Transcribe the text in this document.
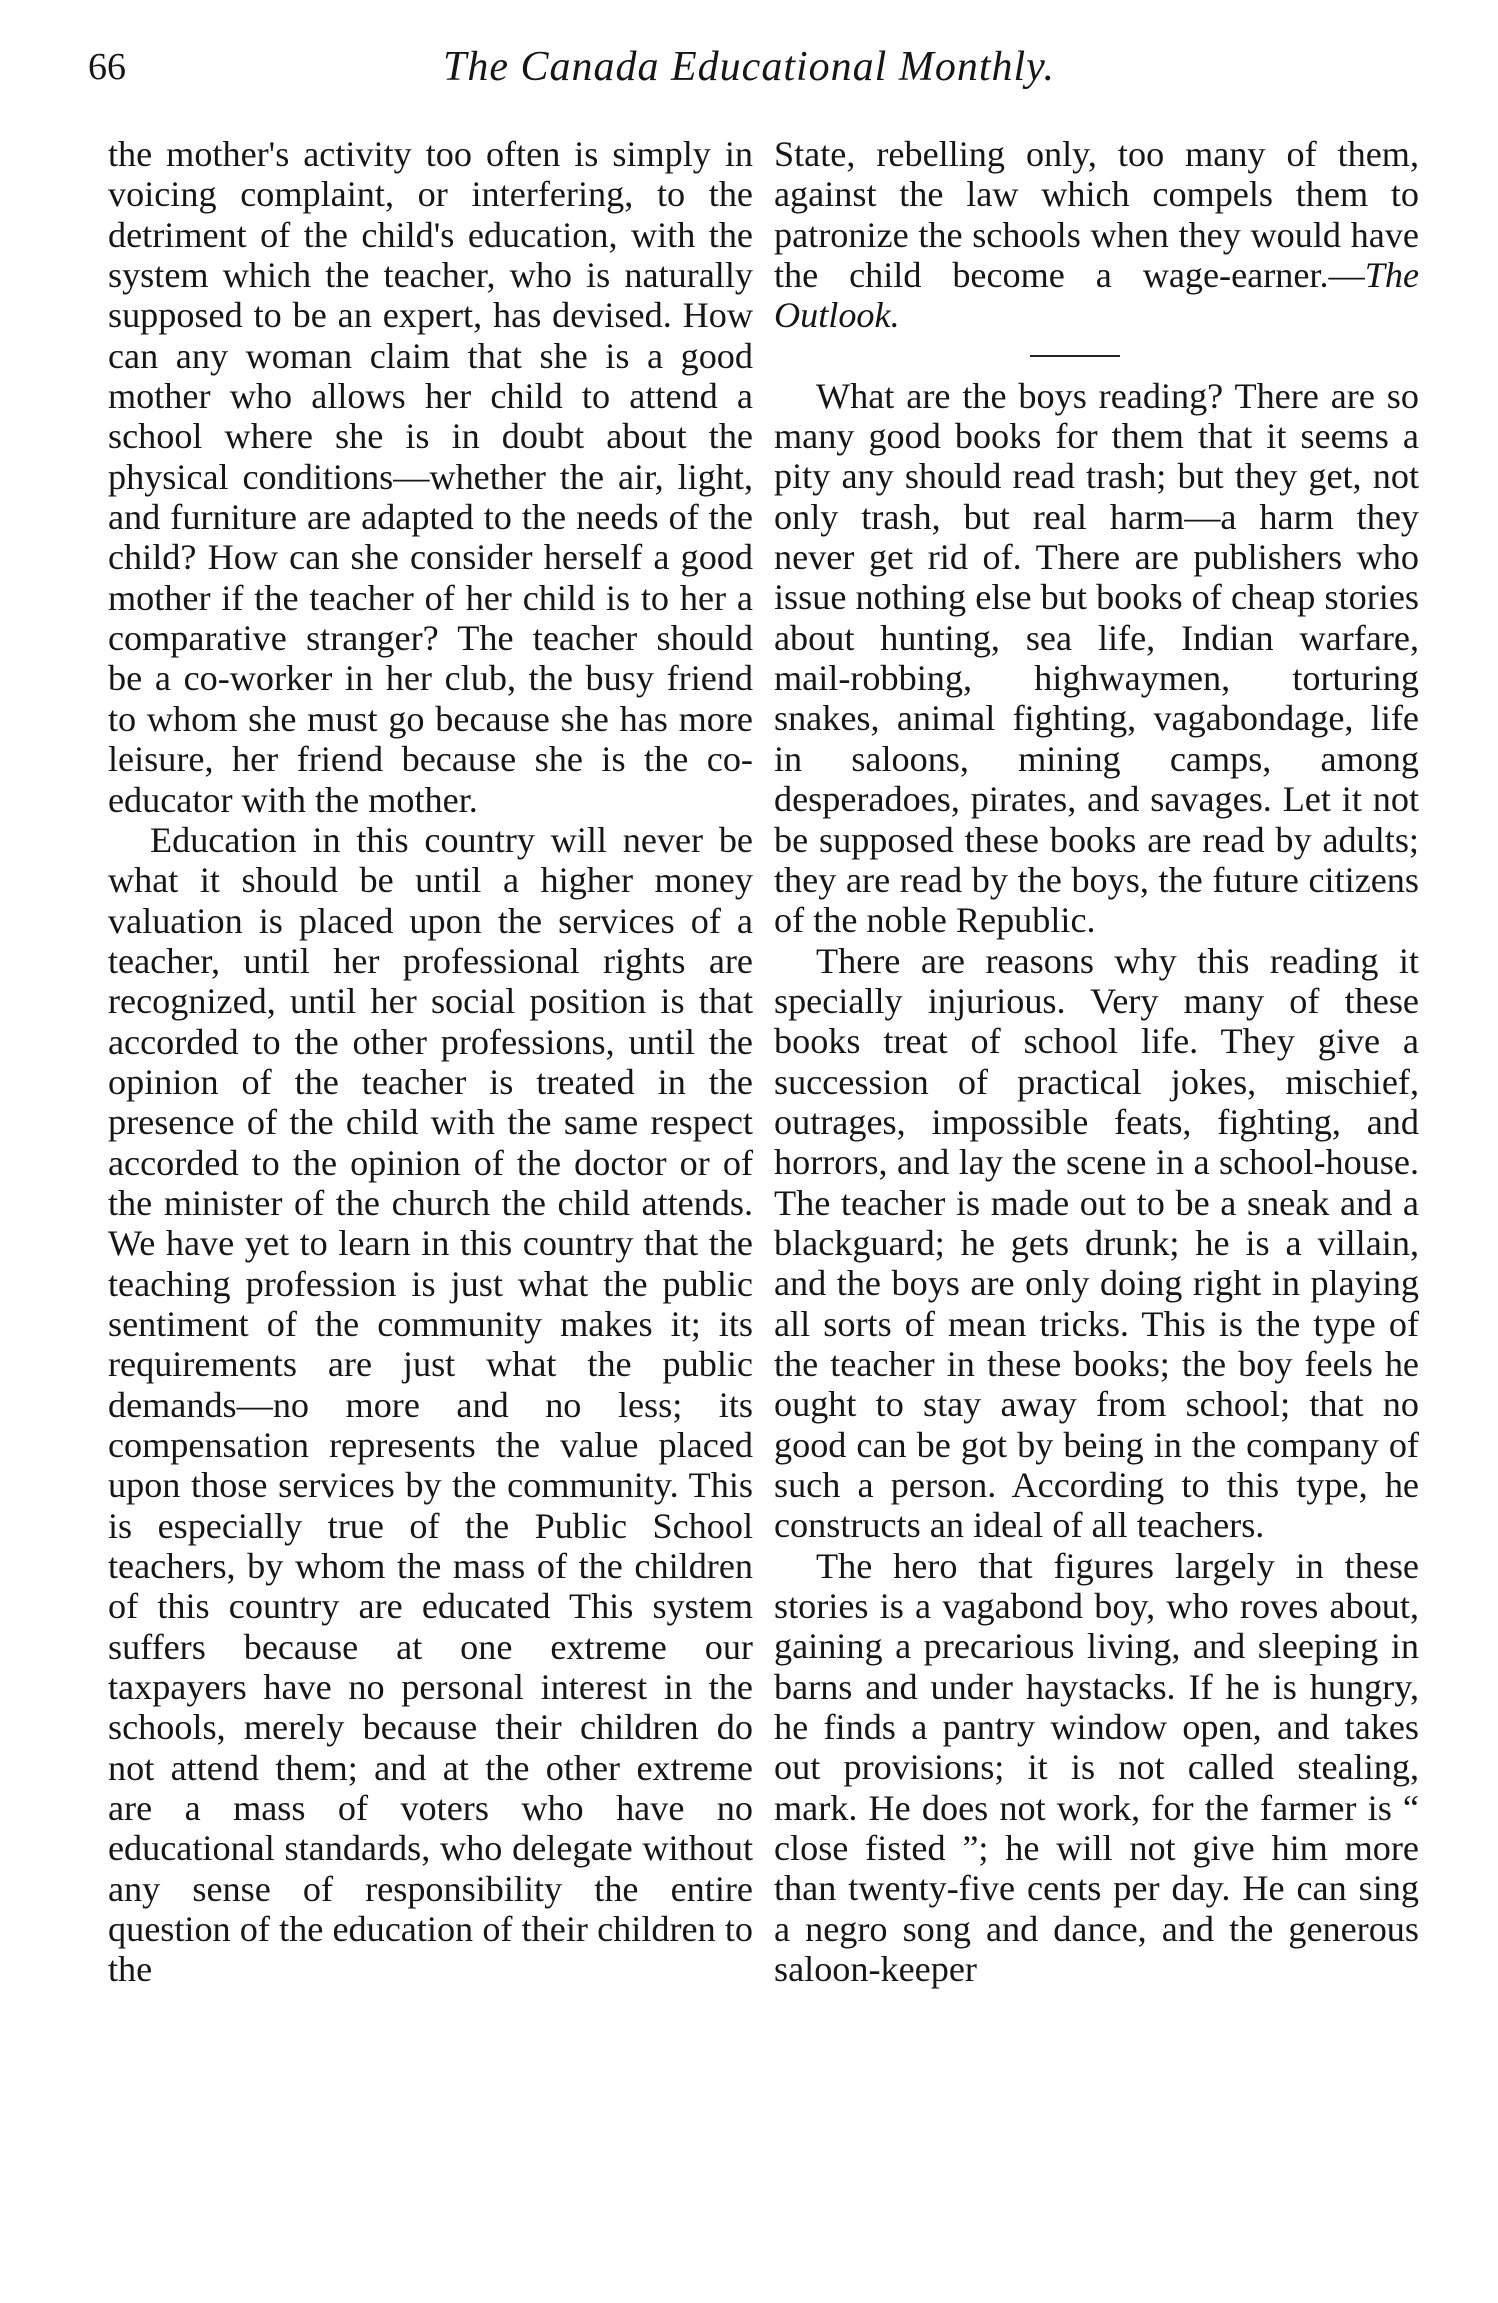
66	The Canada Educational Monthly.

the mother's activity too often is simply in voicing complaint, or interfering, to the detriment of the child's education, with the system which the teacher, who is naturally supposed to be an expert, has devised. How can any woman claim that she is a good mother who allows her child to attend a school where she is in doubt about the physical conditions—whether the air, light, and furniture are adapted to the needs of the child? How can she consider herself a good mother if the teacher of her child is to her a comparative stranger? The teacher should be a co-worker in her club, the busy friend to whom she must go because she has more leisure, her friend because she is the co-educator with the mother.

Education in this country will never be what it should be until a higher money valuation is placed upon the services of a teacher, until her professional rights are recognized, until her social position is that accorded to the other professions, until the opinion of the teacher is treated in the presence of the child with the same respect accorded to the opinion of the doctor or of the minister of the church the child attends. We have yet to learn in this country that the teaching profession is just what the public sentiment of the community makes it; its requirements are just what the public demands—no more and no less; its compensation represents the value placed upon those services by the community. This is especially true of the Public School teachers, by whom the mass of the children of this country are educated This system suffers because at one extreme our taxpayers have no personal interest in the schools, merely because their children do not attend them; and at the other extreme are a mass of voters who have no educational standards, who delegate without any sense of responsibility the entire question of the education of their children to the

State, rebelling only, too many of them, against the law which compels them to patronize the schools when they would have the child become a wage-earner.—The Outlook.

What are the boys reading? There are so many good books for them that it seems a pity any should read trash; but they get, not only trash, but real harm—a harm they never get rid of. There are publishers who issue nothing else but books of cheap stories about hunting, sea life, Indian warfare, mail-robbing, highwaymen, torturing snakes, animal fighting, vagabondage, life in saloons, mining camps, among desperadoes, pirates, and savages. Let it not be supposed these books are read by adults; they are read by the boys, the future citizens of the noble Republic.

There are reasons why this reading it specially injurious. Very many of these books treat of school life. They give a succession of practical jokes, mischief, outrages, impossible feats, fighting, and horrors, and lay the scene in a school-house. The teacher is made out to be a sneak and a blackguard; he gets drunk; he is a villain, and the boys are only doing right in playing all sorts of mean tricks. This is the type of the teacher in these books; the boy feels he ought to stay away from school; that no good can be got by being in the company of such a person. According to this type, he constructs an ideal of all teachers.

The hero that figures largely in these stories is a vagabond boy, who roves about, gaining a precarious living, and sleeping in barns and under haystacks. If he is hungry, he finds a pantry window open, and takes out provisions; it is not called stealing, mark. He does not work, for the farmer is “ close fisted ”; he will not give him more than twenty-five cents per day. He can sing a negro song and dance, and the generous saloon-keeper
